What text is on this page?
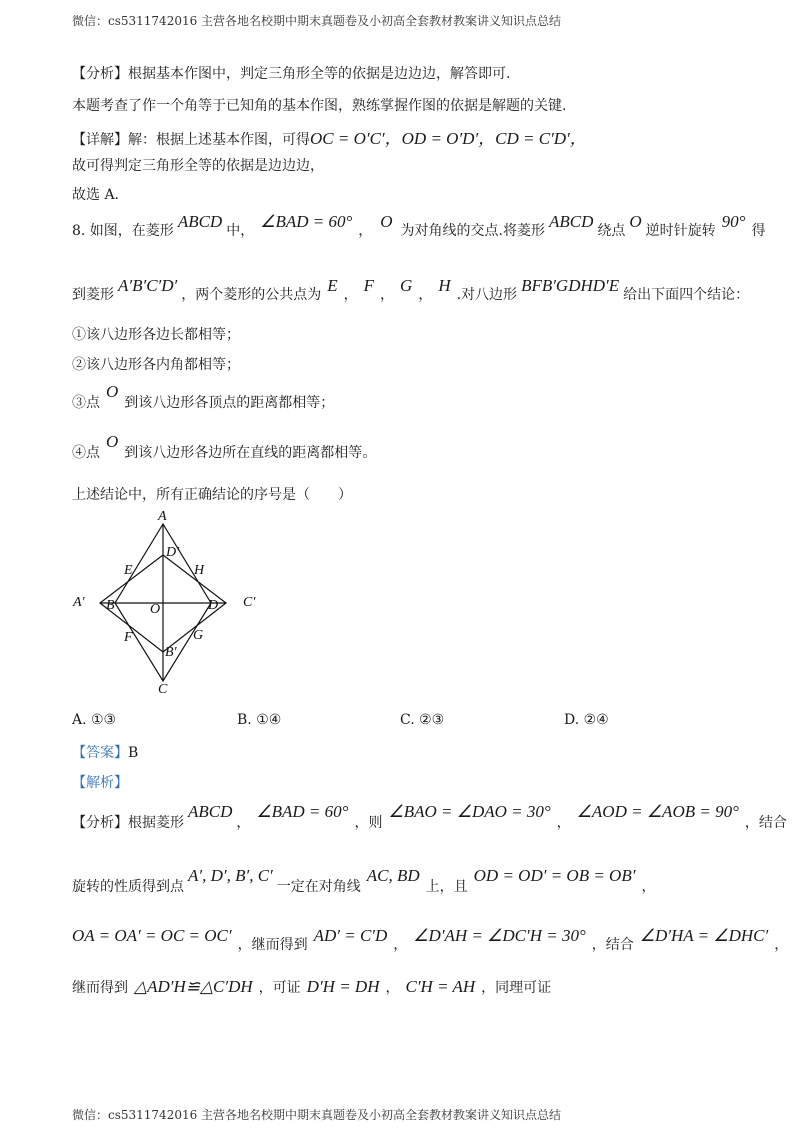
微信：cs5311742016 主营各地名校期中期末真题卷及小初高全套教材教案讲义知识点总结
【分析】根据基本作图中，判定三角形全等的依据是边边边，解答即可.
本题考查了作一个角等于已知角的基本作图，熟练掌握作图的依据是解题的关键.
【详解】解：根据上述基本作图，可得OC = O′C′，OD = O′D′，CD = C′D′，
故可得判定三角形全等的依据是边边边，
故选 A.
8. 如图，在菱形 ABCD 中， ∠BAD = 60° ， O 为对角线的交点.将菱形 ABCD 绕点 O 逆时针旋转 90° 得
到菱形 A′B′C′D′ ，两个菱形的公共点为 E ， F ， G ， H .对八边形 BFB′GDHD′E 给出下面四个结论：
①该八边形各边长都相等；
②该八边形各内角都相等；
③点O到该八边形各顶点的距离都相等；
④点O到该八边形各边所在直线的距离都相等。
上述结论中，所有正确结论的序号是（　　）
A
D′
E	H
A′ B	O	D C′
F	G
B′
C
A. ①③	B. ①④	C. ②③	D. ②④
【答案】B
【解析】
【分析】根据菱形ABCD，∠BAD = 60°，则∠BAO = ∠DAO = 30°，∠AOD = ∠AOB = 90°，结合
旋转的性质得到点A′, D′, B′, C′一定在对角线AC, BD上，且OD = OD′ = OB = OB′，
OA = OA′ = OC = OC′ ，继而得到 AD′ = C′D ， ∠D′AH = ∠DC′H = 30° ，结合 ∠D′HA = ∠DHC′ ，
继而得到 △AD′H≌△C′DH ，可证 D′H = DH ， C′H = AH ，同理可证
微信：cs5311742016 主营各地名校期中期末真题卷及小初高全套教材教案讲义知识点总结
